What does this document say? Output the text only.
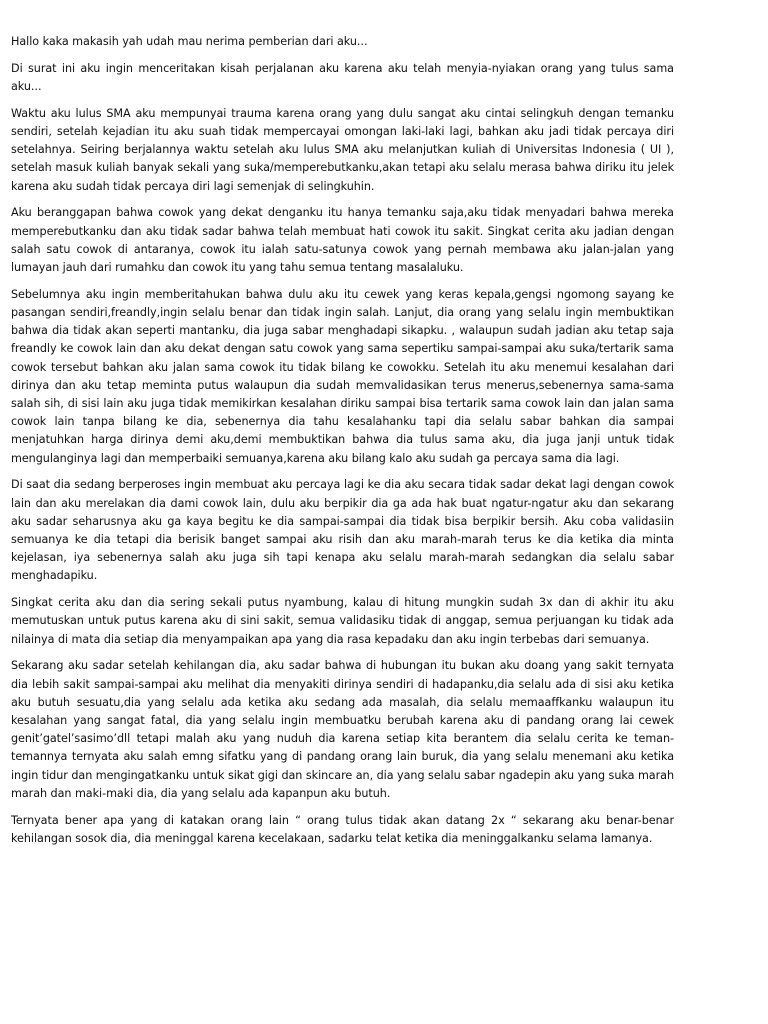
Hallo kaka makasih yah udah mau nerima pemberian dari aku...

Di surat ini aku ingin menceritakan kisah perjalanan aku karena aku telah menyia-nyiakan orang yang tulus sama aku...

Waktu aku lulus SMA aku mempunyai trauma karena orang yang dulu sangat aku cintai selingkuh dengan temanku sendiri, setelah kejadian itu aku suah tidak mempercayai omongan laki-laki lagi, bahkan aku jadi tidak percaya diri setelahnya. Seiring berjalannya waktu setelah aku lulus SMA aku melanjutkan kuliah di Universitas Indonesia ( UI ), setelah masuk kuliah banyak sekali yang suka/memperebutkanku,akan tetapi aku selalu merasa bahwa diriku itu jelek karena aku sudah tidak percaya diri lagi semenjak di selingkuhin.

Aku beranggapan bahwa cowok yang dekat denganku itu hanya temanku saja,aku tidak menyadari bahwa mereka memperebutkanku dan aku tidak sadar bahwa telah membuat hati cowok itu sakit. Singkat cerita aku jadian dengan salah satu cowok di antaranya, cowok itu ialah satu-satunya cowok yang pernah membawa aku jalan-jalan yang lumayan jauh dari rumahku dan cowok itu yang tahu semua tentang masalaluku.

Sebelumnya aku ingin memberitahukan bahwa dulu aku itu cewek yang keras kepala,gengsi ngomong sayang ke pasangan sendiri,freandly,ingin selalu benar dan tidak ingin salah. Lanjut, dia orang yang selalu ingin membuktikan bahwa dia tidak akan seperti mantanku, dia juga sabar menghadapi sikapku. , walaupun sudah jadian aku tetap saja freandly ke cowok lain dan aku dekat dengan satu cowok yang sama sepertiku sampai-sampai aku suka/tertarik sama cowok tersebut bahkan aku jalan sama cowok itu tidak bilang ke cowokku. Setelah itu aku menemui kesalahan dari dirinya dan aku tetap meminta putus walaupun dia sudah memvalidasikan terus menerus,sebenernya sama-sama salah sih, di sisi lain aku juga tidak memikirkan kesalahan diriku sampai bisa tertarik sama cowok lain dan jalan sama cowok lain tanpa bilang ke dia, sebenernya dia tahu kesalahanku tapi dia selalu sabar bahkan dia sampai menjatuhkan harga dirinya demi aku,demi membuktikan bahwa dia tulus sama aku, dia juga janji untuk tidak mengulanginya lagi dan memperbaiki semuanya,karena aku bilang kalo aku sudah ga percaya sama dia lagi.

Di saat dia sedang berperoses ingin membuat aku percaya lagi ke dia aku secara tidak sadar dekat lagi dengan cowok lain dan aku merelakan dia dami cowok lain, dulu aku berpikir dia ga ada hak buat ngatur-ngatur aku dan sekarang aku sadar seharusnya aku ga kaya begitu ke dia sampai-sampai dia tidak bisa berpikir bersih. Aku coba validasiin semuanya ke dia tetapi dia berisik banget sampai aku risih dan aku marah-marah terus ke dia ketika dia minta kejelasan, iya sebenernya salah aku juga sih tapi kenapa aku selalu marah-marah sedangkan dia selalu sabar menghadapiku.

Singkat cerita aku dan dia sering sekali putus nyambung, kalau di hitung mungkin sudah 3x dan di akhir itu aku memutuskan untuk putus karena aku di sini sakit, semua validasiku tidak di anggap, semua perjuangan ku tidak ada nilainya di mata dia setiap dia menyampaikan apa yang dia rasa kepadaku dan aku ingin terbebas dari semuanya.

Sekarang aku sadar setelah kehilangan dia, aku sadar bahwa di hubungan itu bukan aku doang yang sakit ternyata dia lebih sakit sampai-sampai aku melihat dia menyakiti dirinya sendiri di hadapanku,dia selalu ada di sisi aku ketika aku butuh sesuatu,dia yang selalu ada ketika aku sedang ada masalah, dia selalu memaaffkanku walaupun itu kesalahan yang sangat fatal, dia yang selalu ingin membuatku berubah karena aku di pandang orang lai cewek genit’gatel’sasimo’dll tetapi malah aku yang nuduh dia karena setiap kita berantem dia selalu cerita ke teman-temannya ternyata aku salah emng sifatku yang di pandang orang lain buruk, dia yang selalu menemani aku ketika ingin tidur dan mengingatkanku untuk sikat gigi dan skincare an, dia yang selalu sabar ngadepin aku yang suka marah marah dan maki-maki dia, dia yang selalu ada kapanpun aku butuh.

Ternyata bener apa yang di katakan orang lain “ orang tulus tidak akan datang 2x “ sekarang aku benar-benar kehilangan sosok dia, dia meninggal karena kecelakaan, sadarku telat ketika dia meninggalkanku selama lamanya.
